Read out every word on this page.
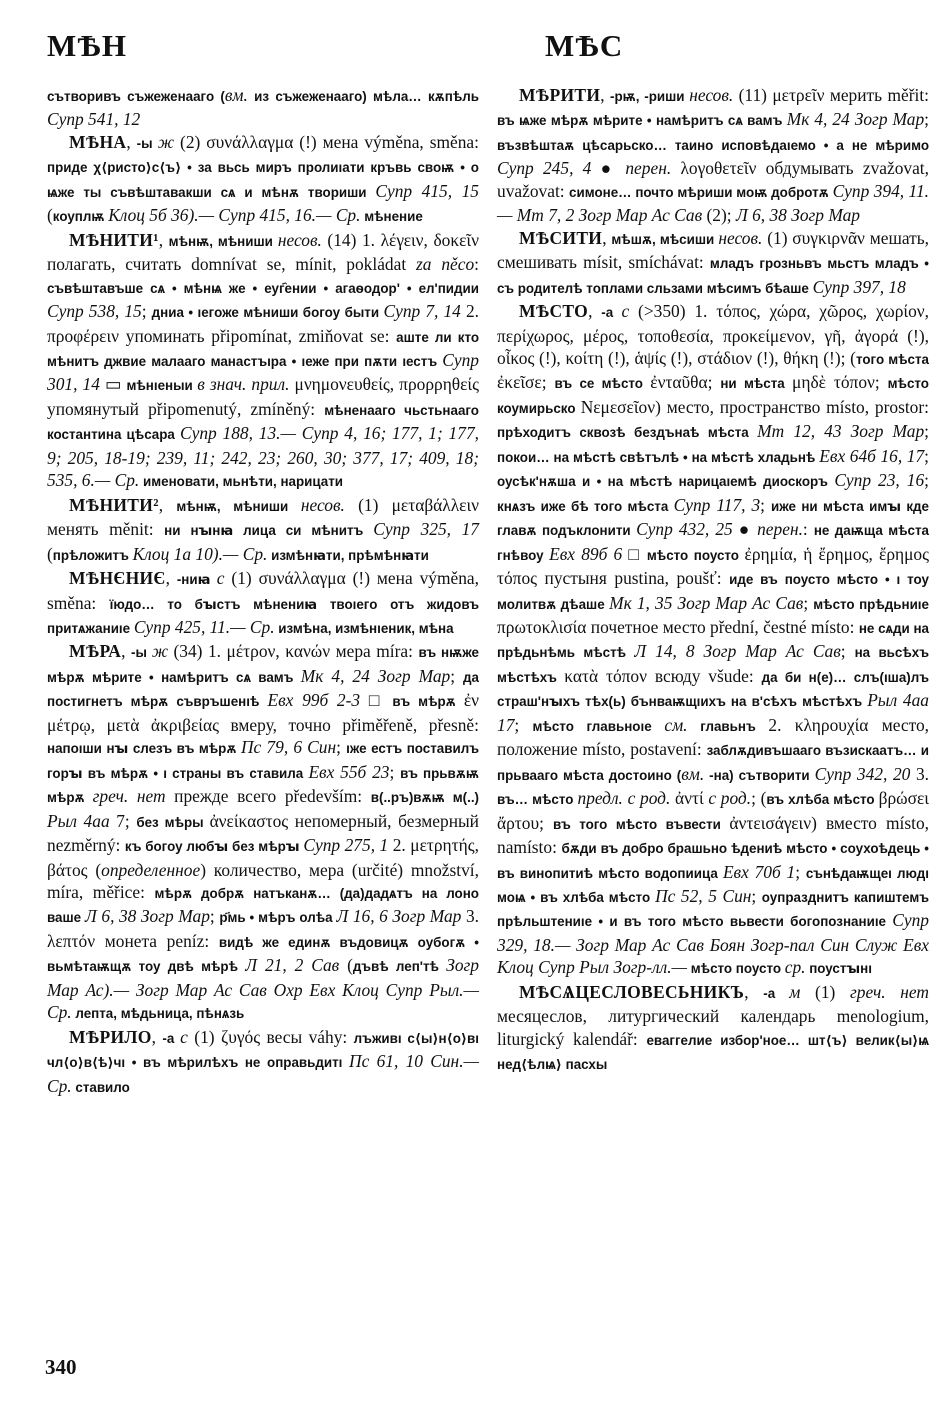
МѢН	МѢС

сътворивъ съжеженаaго (вм. из съжеженаaго) мѣла… кѫпѣль Супр 541, 12

МѢНА, -ы ж (2) συνάλλαγμα (!) мена výměna, směna: приде χ⟨ристо⟩с⟨ъ⟩ • за вьсь миръ пролиıати кръвь своѭ • о ѩже ты съвѣштавакши сѧ и мѣнѫ твориши Супр 415, 15 (коуплѭ Клоц 5б 36).— Супр 415, 16.— Ср. мѣнение

МѢНИТИ¹, мѣнѭ, мѣниши несов. (14) 1. λέγειν, δοκεῖν полагать, считать domnívat se, mínit, pokládat za něco: съвѣштавъше сѧ • мѣнѩ же • еуг҄ении • агаѳодор' • ел'пидии Супр 538, 15; дниа • ıегоже мѣниши богоу быти Супр 7, 14 2. προφέρειν упоминать připomínat, zmiňovat se: аште ли кто мѣнитъ джвие малаaго манастъıра • ıеже при пѫти ıестъ Супр 301, 14 ▭ мѣнıеныи в знач. прил. μνημονευθείς, προρρηθείς упомянутый připomenutý, zmíněný: мѣненааго чьстьнааго костантина цѣсара Супр 188, 13.— Супр 4, 16; 177, 1; 177, 9; 205, 18-19; 239, 11; 242, 23; 260, 30; 377, 17; 409, 18; 535, 6.— Ср. именовати, мьнѣти, нарицати

МѢНИТИ², мѣнѭ, мѣниши несов. (1) μεταβάλλειν менять měnit: ни нꙑнꙗ лица си мѣнитъ Супр 325, 17 (прѣложитъ Клоц 1а 10).— Ср. измѣнꙗти, прѣмѣнꙗти

МѢНЄНИЄ, -ниꙗ с (1) συνάλλαγμα (!) мена výměna, směna: їюдо… то бꙑстъ мѣнениꙗ твоıего отъ жидовъ притѧжаниıе Супр 425, 11.— Ср. измѣна, измѣнıеник, мѣна

МѢРА, -ы ж (34) 1. μέτρον, κανών мера míra: въ нѭже мѣрѫ мѣрите • намѣритъ сѧ вамъ Мк 4, 24 Зогр Мар; да постигнетъ мѣрѫ съвръшенıѣ Евх 99б 2-3 □ въ мѣрѫ ἐν μέτρῳ, μετὰ ἀκριβείας вмеру, точно přiměřeně, přesně: напоıши нꙑ слезъ въ мѣрѫ Пс 79, 6 Син; ıже естъ поставилъ горꙑ въ мѣрѫ • ı страны въ ставила Евх 55б 23; въ прьвѫѭ мѣрѫ греч. нет прежде всего především: в(..ръ)вѫѭ м(..) Рыл 4аа 7; без мѣры ἀνείκαστος непомерный, безмерный nezměrný: къ богоу любꙑ без мѣрꙑ Супр 275, 1 2. μετρητής, βάτος (определенное) количество, мера (určité) množství, míra, měřice: мѣрѫ добрѫ натъканѫ… (да)дадѧтъ на лоно ваше Л 6, 38 Зогр Мар; р҃мь • мѣръ олѣа Л 16, 6 Зогр Мар 3. λεπτόν монета peníz: видѣ же единѫ въдовицѫ оубогѫ • вьмѣтаѭщѫ тоу двѣ мѣрѣ Л 21, 2 Сав (дъвѣ леп'тѣ Зогр Мар Ас).— Зогр Мар Ас Сав Охр Евх Клоц Супр Рыл.— Ср. лепта, мѣдьница, пѣнѧзь

МѢРИЛО, -а с (1) ζυγός весы váhy: лъживı с⟨ы⟩н⟨о⟩вı чл⟨о⟩в⟨ѣ⟩чı • въ мѣрилѣхъ не оправьдитı Пс 61, 10 Син.— Ср. ставило

МѢРИТИ, -рѭ, -риши несов. (11) μετρεῖν мерить měřit: въ ѩже мѣрѫ мѣрите • намѣритъ сѧ вамъ Мк 4, 24 Зогр Мар; възвѣштаѫ цѣсарьско… таино исповѣдаıемо • а не мѣримо Супр 245, 4 ● перен. λογοθετεῖν обдумывать zvažovat, uvažovat: симоне… почто мѣриши моѭ добротѫ Супр 394, 11.— Мт 7, 2 Зогр Мар Ас Сав (2); Л 6, 38 Зогр Мар

МѢСИТИ, мѣшѫ, мѣсиши несов. (1) συγκιρνᾶν мешать, смешивать mísit, smíchávat: младъ грозньвъ мьстъ младъ • съ родителѣ топлами сльзами мѣсимъ бѣаше Супр 397, 18

МѢСТО, -а с (>350) 1. τόπος, χώρα, χῶρος, χωρίον, περίχωρος, μέρος, τοποθεσία, προκείμενον, γῆ, ἀγορά (!), οἶκος (!), κοίτη (!), ἁψίς (!), στάδιον (!), θήκη (!); (того мѣста ἐκεῖσε; въ се мѣсто ἐνταῦθα; ни мѣста μηδὲ τόπον; мѣсто коумирьско Νεμεσεῖον) место, пространство místo, prostor: прѣходитъ сквозѣ бездънаѣ мѣста Мт 12, 43 Зогр Мар; покои… на мѣстѣ свѣтълѣ • на мѣстѣ хладьнѣ Евх 64б 16, 17; оусѣк'нѫша и • на мѣстѣ нарицаıемѣ диоскоръ Супр 23, 16; кнѧзъ иже бѣ того мѣста Супр 117, 3; иже ни мѣста имꙑ кде главѫ подъклонити Супр 432, 25 ● перен.: не даѭща мѣста гнѣвоу Евх 89б 6 □ мѣсто поусто ἐρημία, ἡ ἔρημος, ἔρημος τόπος пустыня pustina, poušť: иде въ поусто мѣсто • ı тоу молитвѫ дѣаше Мк 1, 35 Зогр Мар Ас Сав; мѣсто прѣдьниıе πρωτοκλισία почетное место přední, čestné místo: не сѧди на прѣдьнѣмь мѣстѣ Л 14, 8 Зогр Мар Ас Сав; на вьсѣхъ мѣстѣхъ κατὰ τόπον всюду všude: да би н(е)… слъ(ıша)лъ страш'нꙑхъ тѣх(ь) бънваѭщıихъ на в'сѣхъ мѣстѣхъ Рыл 4аа 17; мѣсто главьноıе см. главьнъ 2. κληρουχία место, положение místo, postavení: заблѫдивъшааго възискаатъ… и прьвааго мѣста достоино (вм. -на) сътворити Супр 342, 20 3. въ… мѣсто предл. с род. ἀντί с род.; (въ хлѣба мѣсто βρώσει ἄρτου; въ того мѣсто въвести ἀντεισάγειν) вместо místo, namísto: бѫди въ добро брашьно ѣдениѣ мѣсто • соухоѣдець • въ винопитиѣ мѣсто водопиица Евх 70б 1; сънѣдаѭщеı людı моѩ • въ хлѣба мѣсто Пс 52, 5 Син; оупразднитъ капиштемъ прѣльштениıе • и въ того мѣсто вьвести богопознаниıе Супр 329, 18.— Зогр Мар Ас Сав Боян Зогр-пал Син Служ Евх Клоц Супр Рыл Зогр-лл.— мѣсто поусто ср. поустꙑнı

МѢСѦЦЕСЛОВЕСЬНИКЪ, -а м (1) греч. нет месяцеслов, литургический календарь menologium, liturgický kalendář: еваггелие избор'ное… шт⟨ъ⟩ велик⟨ы⟩ѩ нед⟨ѣлѩ⟩ пасхы

340
